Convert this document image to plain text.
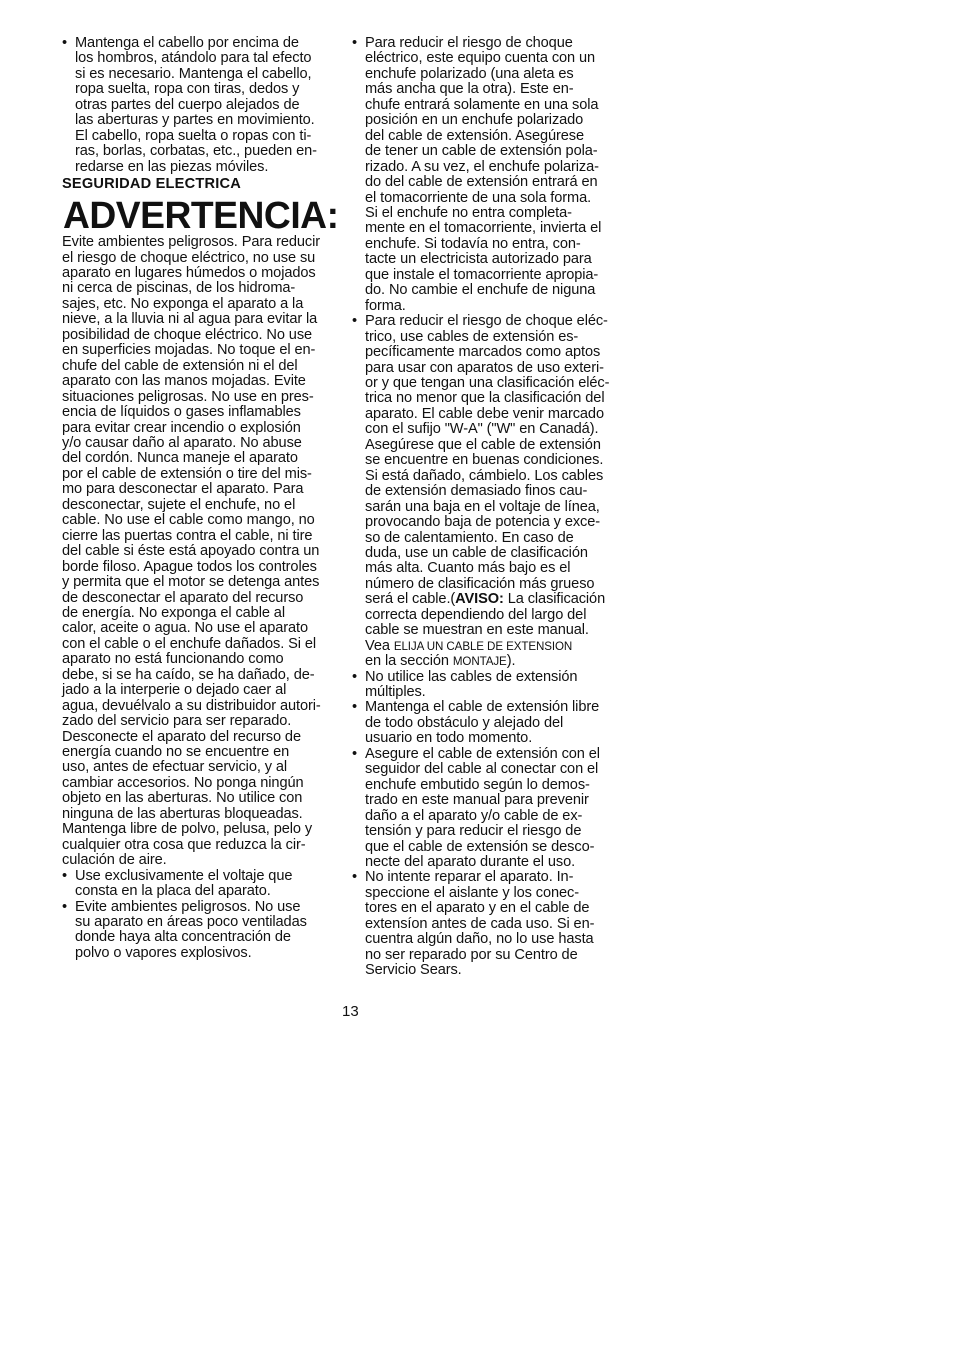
• Mantenga el cabello por encima de
los hombros, atándolo para tal efecto
si es necesario. Mantenga el cabello,
ropa suelta, ropa con tiras, dedos y
otras partes del cuerpo alejados de
las aberturas y partes en movimiento.
El cabello, ropa suelta o ropas con ti-
ras, borlas, corbatas, etc., pueden en-
redarse en las piezas móviles.
SEGURIDAD ELECTRICA
ADVERTENCIA:
Evite ambientes peligrosos. Para reducir
el riesgo de choque eléctrico, no use su
aparato en lugares húmedos o mojados
ni cerca de piscinas, de los hidroma-
sajes, etc. No exponga el aparato a la
nieve, a la lluvia ni al agua para evitar la
posibilidad de choque eléctrico. No use
en superficies mojadas. No toque el en-
chufe del cable de extensión ni el del
aparato con las manos mojadas. Evite
situaciones peligrosas. No use en pres-
encia de líquidos o gases inflamables
para evitar crear incendio o explosión
y/o causar daño al aparato. No abuse
del cordón. Nunca maneje el aparato
por el cable de extensión o tire del mis-
mo para desconectar el aparato. Para
desconectar, sujete el enchufe, no el
cable. No use el cable como mango, no
cierre las puertas contra el cable, ni tire
del cable si éste está apoyado contra un
borde filoso. Apague todos los controles
y permita que el motor se detenga antes
de desconectar el aparato del recurso
de energía. No exponga el cable al
calor, aceite o agua. No use el aparato
con el cable o el enchufe dañados. Si el
aparato no está funcionando como
debe, si se ha caído, se ha dañado, de-
jado a la interperie o dejado caer al
agua, devuélvalo a su distribuidor autori-
zado del servicio para ser reparado.
Desconecte el aparato del recurso de
energía cuando no se encuentre en
uso, antes de efectuar servicio, y al
cambiar accesorios. No ponga ningún
objeto en las aberturas. No utilice con
ninguna de las aberturas bloqueadas.
Mantenga libre de polvo, pelusa, pelo y
cualquier otra cosa que reduzca la cir-
culación de aire.
• Use exclusivamente el voltaje que
consta en la placa del aparato.
• Evite ambientes peligrosos. No use
su aparato en áreas poco ventiladas
donde haya alta concentración de
polvo o vapores explosivos.
• Para reducir el riesgo de choque
eléctrico, este equipo cuenta con un
enchufe polarizado (una aleta es
más ancha que la otra). Este en-
chufe entrará solamente en una sola
posición en un enchufe polarizado
del cable de extensión. Asegúrese
de tener un cable de extensión pola-
rizado. A su vez, el enchufe polariza-
do del cable de extensión entrará en
el tomacorriente de una sola forma.
Si el enchufe no entra completa-
mente en el tomacorriente, invierta el
enchufe. Si todavía no entra, con-
tacte un electricista autorizado para
que instale el tomacorriente apropia-
do. No cambie el enchufe de niguna
forma.
• Para reducir el riesgo de choque eléc-
trico, use cables de extensión es-
pecíficamente marcados como aptos
para usar con aparatos de uso exteri-
or y que tengan una clasificación eléc-
trica no menor que la clasificación del
aparato. El cable debe venir marcado
con el sufijo "W-A" ("W" en Canadá).
Asegúrese que el cable de extensión
se encuentre en buenas condiciones.
Si está dañado, cámbielo. Los cables
de extensión demasiado finos cau-
sarán una baja en el voltaje de línea,
provocando baja de potencia y exce-
so de calentamiento. En caso de
duda, use un cable de clasificación
más alta. Cuanto más bajo es el
número de clasificación más grueso
será el cable.(AVISO: La clasificación
correcta dependiendo del largo del
cable se muestran en este manual.
Vea ELIJA UN CABLE DE EXTENSION
en la sección MONTAJE).
• No utilice las cables de extensión
múltiples.
• Mantenga el cable de extensión libre
de todo obstáculo y alejado del
usuario en todo momento.
• Asegure el cable de extensión con el
seguidor del cable al conectar con el
enchufe embutido según lo demos-
trado en este manual para prevenir
daño a el aparato y/o cable de ex-
tensión y para reducir el riesgo de
que el cable de extensión se desco-
necte del aparato durante el uso.
• No intente reparar el aparato. In-
speccione el aislante y los conec-
tores en el aparato y en el cable de
extensíon antes de cada uso. Si en-
cuentra algún daño, no lo use hasta
no ser reparado por su Centro de
Servicio Sears.
13
